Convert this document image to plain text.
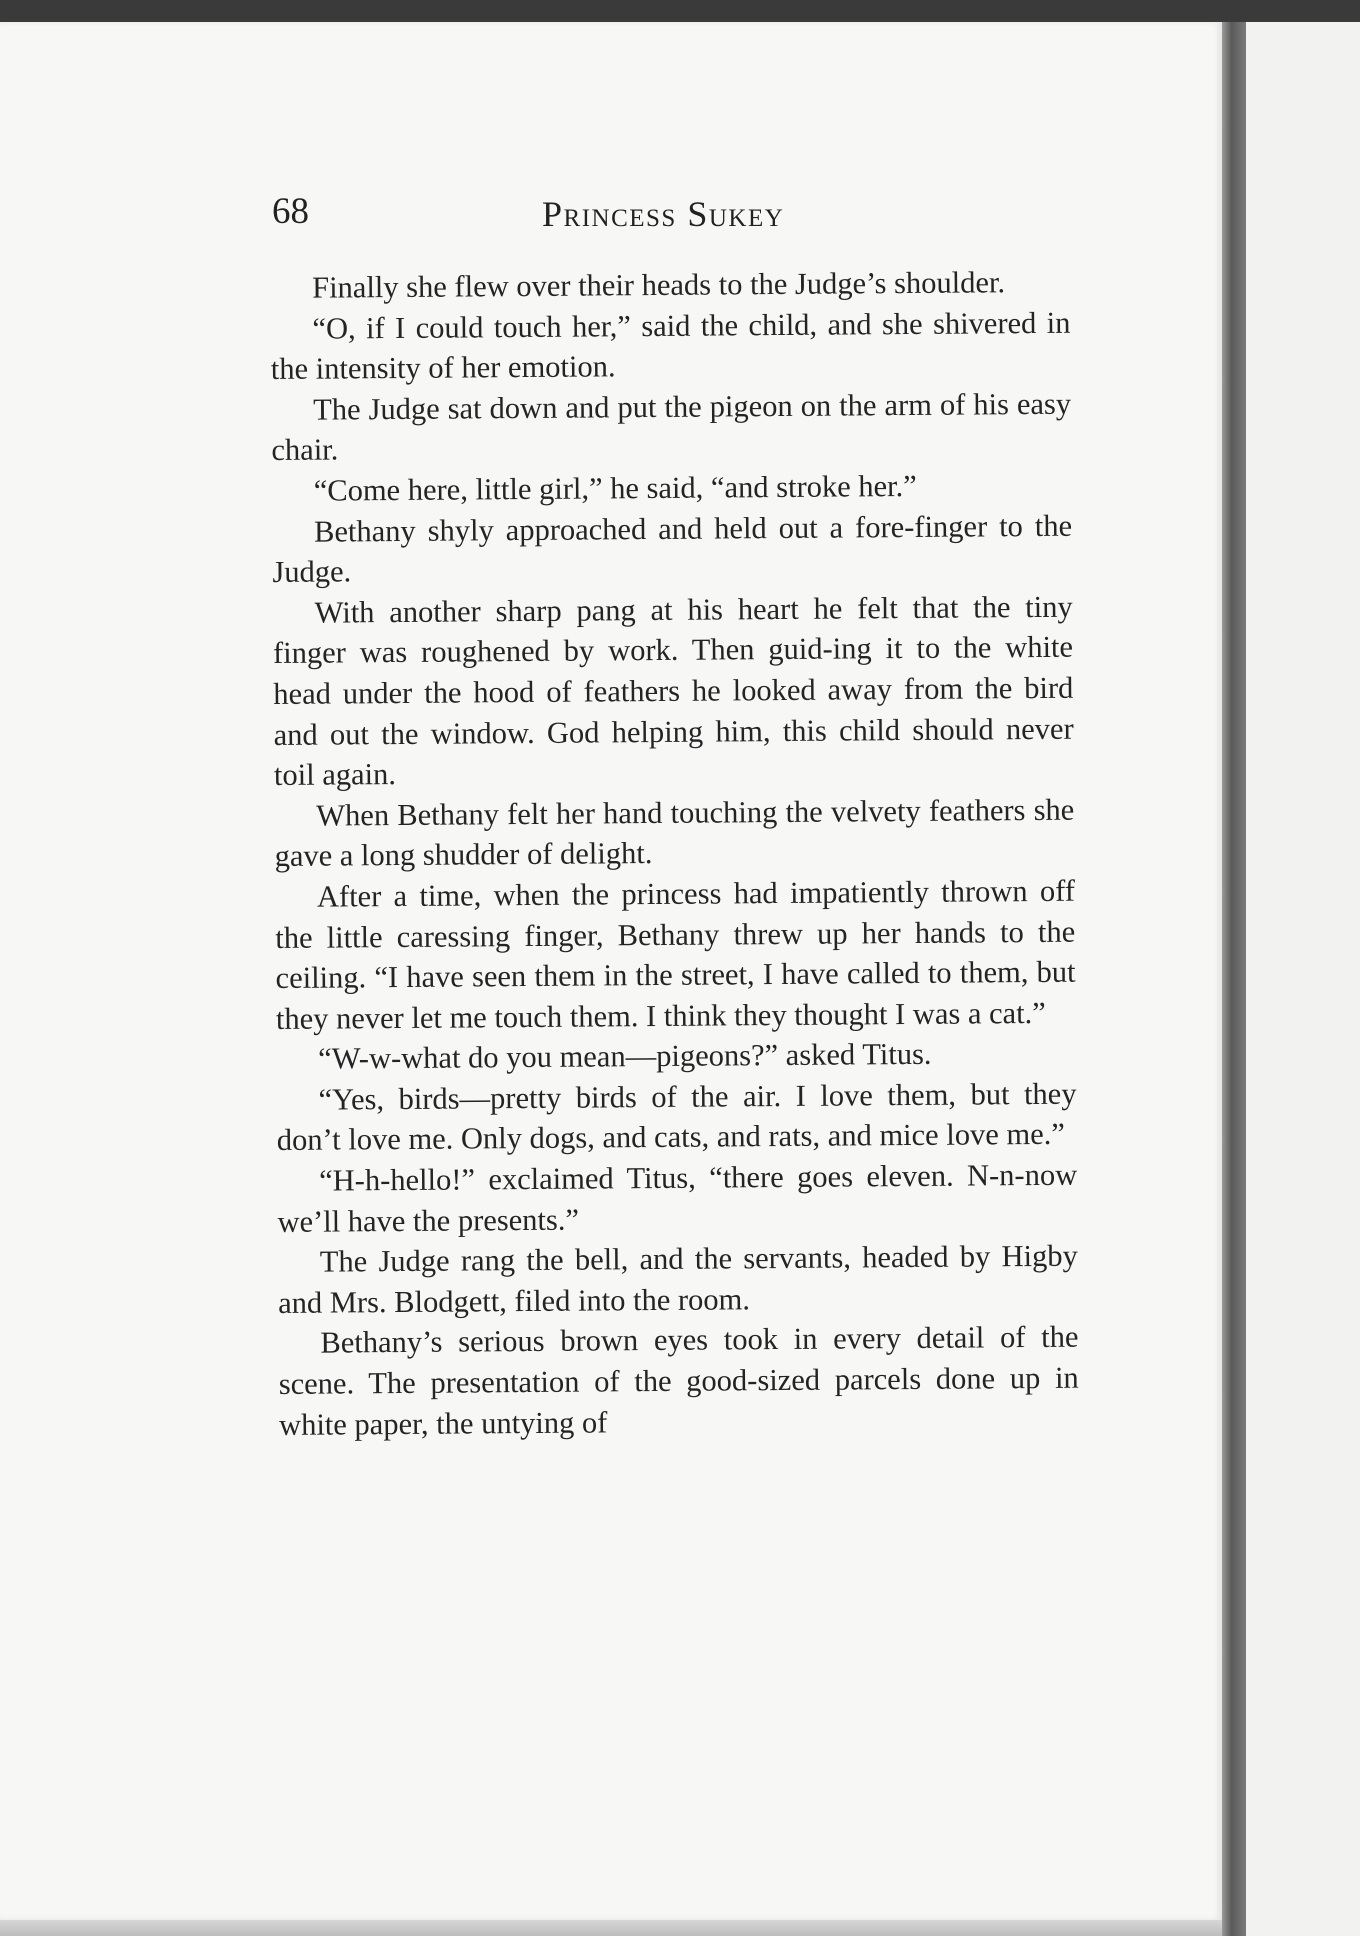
68	Princess Sukey

Finally she flew over their heads to the Judge’s shoulder.

“O, if I could touch her,” said the child, and she shivered in the intensity of her emotion.

The Judge sat down and put the pigeon on the arm of his easy chair.

“Come here, little girl,” he said, “and stroke her.”

Bethany shyly approached and held out a fore-finger to the Judge.

With another sharp pang at his heart he felt that the tiny finger was roughened by work. Then guid-ing it to the white head under the hood of feathers he looked away from the bird and out the window. God helping him, this child should never toil again.

When Bethany felt her hand touching the velvety feathers she gave a long shudder of delight.

After a time, when the princess had impatiently thrown off the little caressing finger, Bethany threw up her hands to the ceiling. “I have seen them in the street, I have called to them, but they never let me touch them. I think they thought I was a cat.”

“W-w-what do you mean—pigeons?” asked Titus.

“Yes, birds—pretty birds of the air. I love them, but they don’t love me. Only dogs, and cats, and rats, and mice love me.”

“H-h-hello!” exclaimed Titus, “there goes eleven. N-n-now we’ll have the presents.”

The Judge rang the bell, and the servants, headed by Higby and Mrs. Blodgett, filed into the room.

Bethany’s serious brown eyes took in every detail of the scene. The presentation of the good-sized parcels done up in white paper, the untying of
